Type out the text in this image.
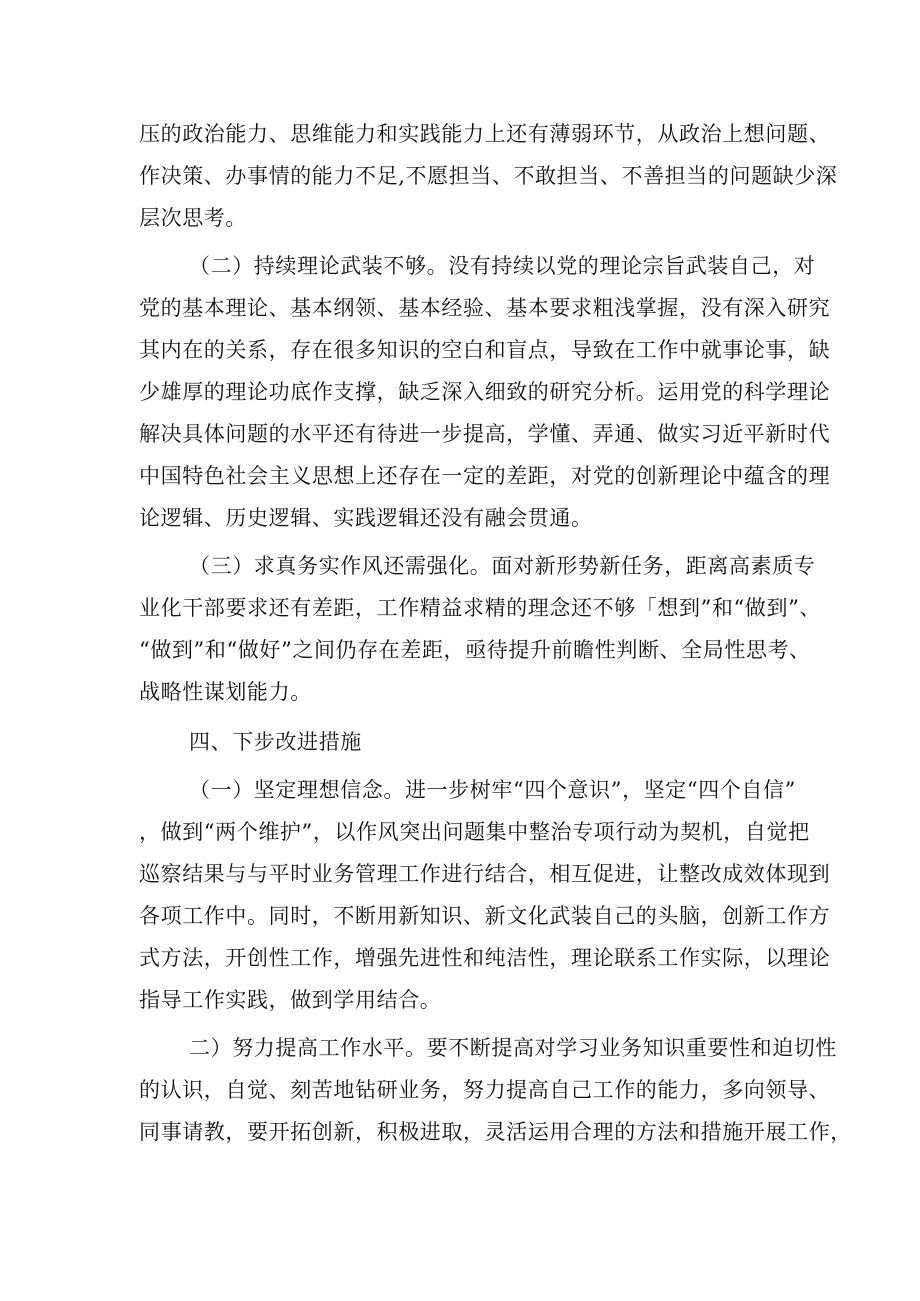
压的政治能力、思维能力和实践能力上还有薄弱环节，从政治上想问题、
作决策、办事情的能力不足,不愿担当、不敢担当、不善担当的问题缺少深
层次思考。
（二）持续理论武装不够。没有持续以党的理论宗旨武装自己，对
党的基本理论、基本纲领、基本经验、基本要求粗浅掌握，没有深入研究
其内在的关系，存在很多知识的空白和盲点，导致在工作中就事论事，缺
少雄厚的理论功底作支撑，缺乏深入细致的研究分析。运用党的科学理论
解决具体问题的水平还有待进一步提高，学懂、弄通、做实习近平新时代
中国特色社会主义思想上还存在一定的差距，对党的创新理论中蕴含的理
论逻辑、历史逻辑、实践逻辑还没有融会贯通。
（三）求真务实作风还需强化。面对新形势新任务，距离高素质专
业化干部要求还有差距，工作精益求精的理念还不够「想到”和“做到”、
“做到”和“做好”之间仍存在差距，亟待提升前瞻性判断、全局性思考、
战略性谋划能力。
四、下步改进措施
（一）坚定理想信念。进一步树牢“四个意识”，坚定“四个自信”
，做到“两个维护”，以作风突出问题集中整治专项行动为契机，自觉把
巡察结果与与平时业务管理工作进行结合，相互促进，让整改成效体现到
各项工作中。同时，不断用新知识、新文化武装自己的头脑，创新工作方
式方法，开创性工作，增强先进性和纯洁性，理论联系工作实际，以理论
指导工作实践，做到学用结合。
二）努力提高工作水平。要不断提高对学习业务知识重要性和迫切性
的认识，自觉、刻苦地钻研业务，努力提高自己工作的能力，多向领导、
同事请教，要开拓创新，积极进取，灵活运用合理的方法和措施开展工作，
